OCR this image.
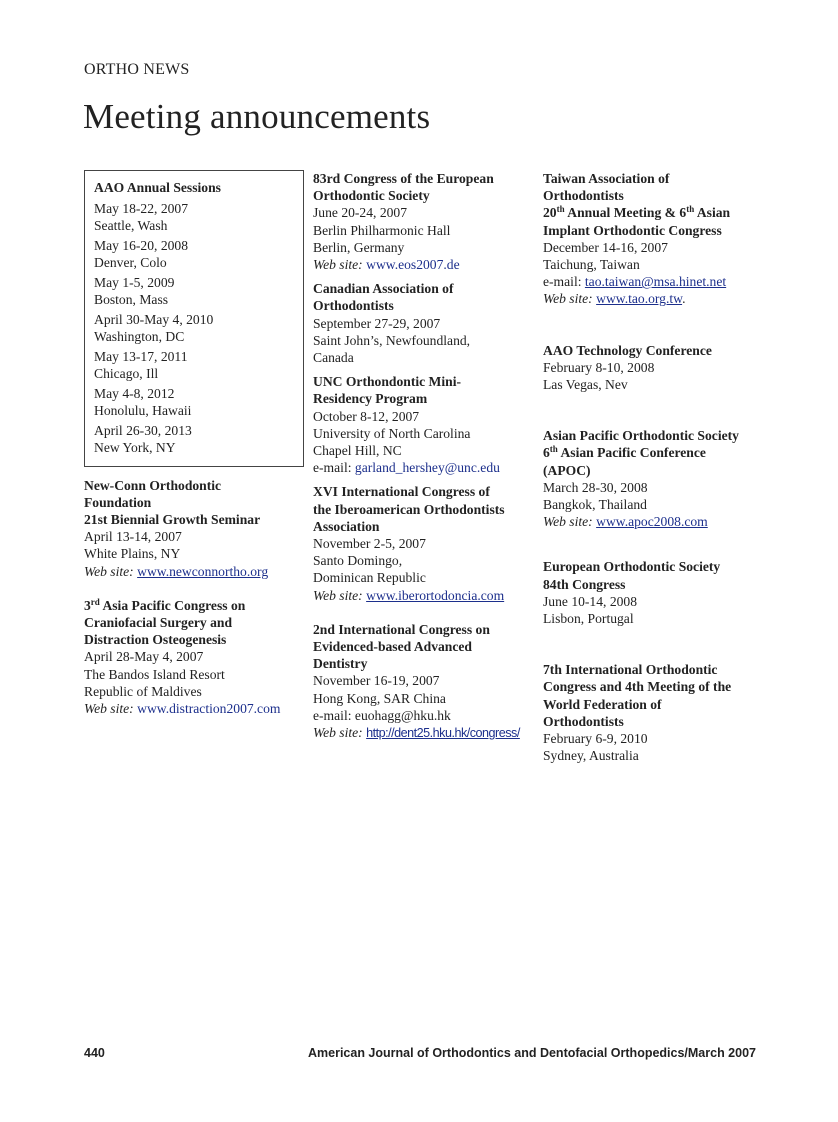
ORTHO NEWS
Meeting announcements
AAO Annual Sessions
May 18-22, 2007
Seattle, Wash
May 16-20, 2008
Denver, Colo
May 1-5, 2009
Boston, Mass
April 30-May 4, 2010
Washington, DC
May 13-17, 2011
Chicago, Ill
May 4-8, 2012
Honolulu, Hawaii
April 26-30, 2013
New York, NY
New-Conn Orthodontic
Foundation
21st Biennial Growth Seminar
April 13-14, 2007
White Plains, NY
Web site: www.newconnortho.org
3rd Asia Pacific Congress on
Craniofacial Surgery and
Distraction Osteogenesis
April 28-May 4, 2007
The Bandos Island Resort
Republic of Maldives
Web site: www.distraction2007.com
83rd Congress of the European
Orthodontic Society
June 20-24, 2007
Berlin Philharmonic Hall
Berlin, Germany
Web site: www.eos2007.de
Canadian Association of
Orthodontists
September 27-29, 2007
Saint John’s, Newfoundland,
Canada
UNC Orthondontic Mini-
Residency Program
October 8-12, 2007
University of North Carolina
Chapel Hill, NC
e-mail: garland_hershey@unc.edu
XVI International Congress of
the Iberoamerican Orthodontists
Association
November 2-5, 2007
Santo Domingo,
Dominican Republic
Web site: www.iberortodoncia.com
2nd International Congress on
Evidenced-based Advanced
Dentistry
November 16-19, 2007
Hong Kong, SAR China
e-mail: euohagg@hku.hk
Web site: http://dent25.hku.hk/congress/
Taiwan Association of
Orthodontists
20th Annual Meeting & 6th Asian
Implant Orthodontic Congress
December 14-16, 2007
Taichung, Taiwan
e-mail: tao.taiwan@msa.hinet.net
Web site: www.tao.org.tw.
AAO Technology Conference
February 8-10, 2008
Las Vegas, Nev
Asian Pacific Orthodontic Society
6th Asian Pacific Conference
(APOC)
March 28-30, 2008
Bangkok, Thailand
Web site: www.apoc2008.com
European Orthodontic Society
84th Congress
June 10-14, 2008
Lisbon, Portugal
7th International Orthodontic
Congress and 4th Meeting of the
World Federation of
Orthodontists
February 6-9, 2010
Sydney, Australia
440	American Journal of Orthodontics and Dentofacial Orthopedics/March 2007
